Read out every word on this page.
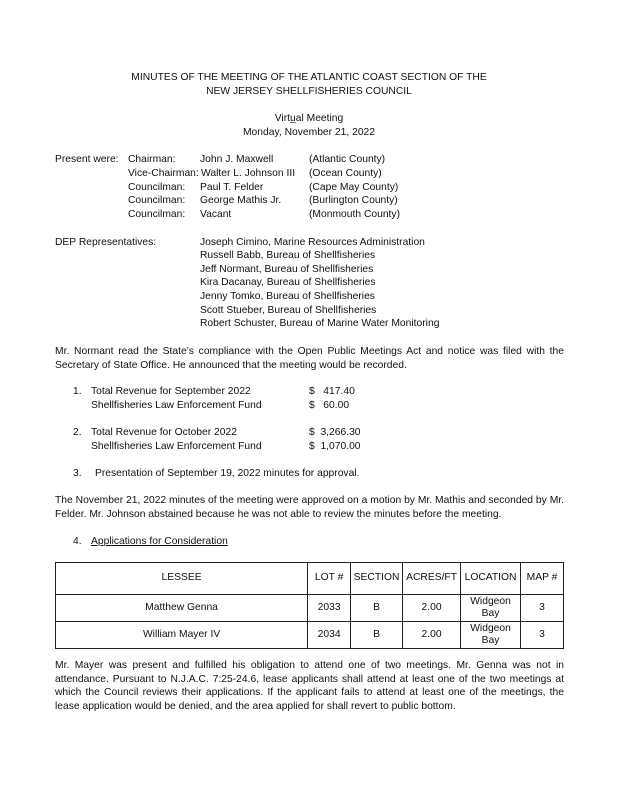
MINUTES OF THE MEETING OF THE ATLANTIC COAST SECTION OF THE
NEW JERSEY SHELLFISHERIES COUNCIL
Virtu̲al Meeting
Monday, November 21, 2022
Present were: Chairman: John J. Maxwell	(Atlantic County)
Vice-Chairman: Walter L. Johnson III (Ocean County)
Councilman: Paul T. Felder	(Cape May County)
Councilman: George Mathis Jr.	(Burlington County)
Councilman: Vacant	(Monmouth County)
DEP Representatives:	Joseph Cimino, Marine Resources Administration
Russell Babb, Bureau of Shellfisheries
Jeff Normant, Bureau of Shellfisheries
Kira Dacanay, Bureau of Shellfisheries
Jenny Tomko, Bureau of Shellfisheries
Scott Stueber, Bureau of Shellfisheries
Robert Schuster, Bureau of Marine Water Monitoring
Mr. Normant read the State’s compliance with the Open Public Meetings Act and notice was filed with the Secretary of State Office. He announced that the meeting would be recorded.
1. Total Revenue for September 2022	$   417.40
Shellfisheries Law Enforcement Fund	$   60.00
2. Total Revenue for October 2022	$  3,266.30
Shellfisheries Law Enforcement Fund	$  1,070.00
3. Presentation of September 19, 2022 minutes for approval.
The November 21, 2022 minutes of the meeting were approved on a motion by Mr. Mathis and seconded by Mr. Felder. Mr. Johnson abstained because he was not able to review the minutes before the meeting.
4. Applications for Consideration
LESSEE	LOT #	SECTION	ACRES/FT	LOCATION	MAP #
Matthew Genna	2033	B	2.00	Widgeon Bay	3
William Mayer IV	2034	B	2.00	Widgeon Bay	3
Mr. Mayer was present and fulfilled his obligation to attend one of two meetings. Mr. Genna was not in attendance. Pursuant to N.J.A.C. 7:25-24.6, lease applicants shall attend at least one of the two meetings at which the Council reviews their applications. If the applicant fails to attend at least one of the meetings, the lease application would be denied, and the area applied for shall revert to public bottom.
